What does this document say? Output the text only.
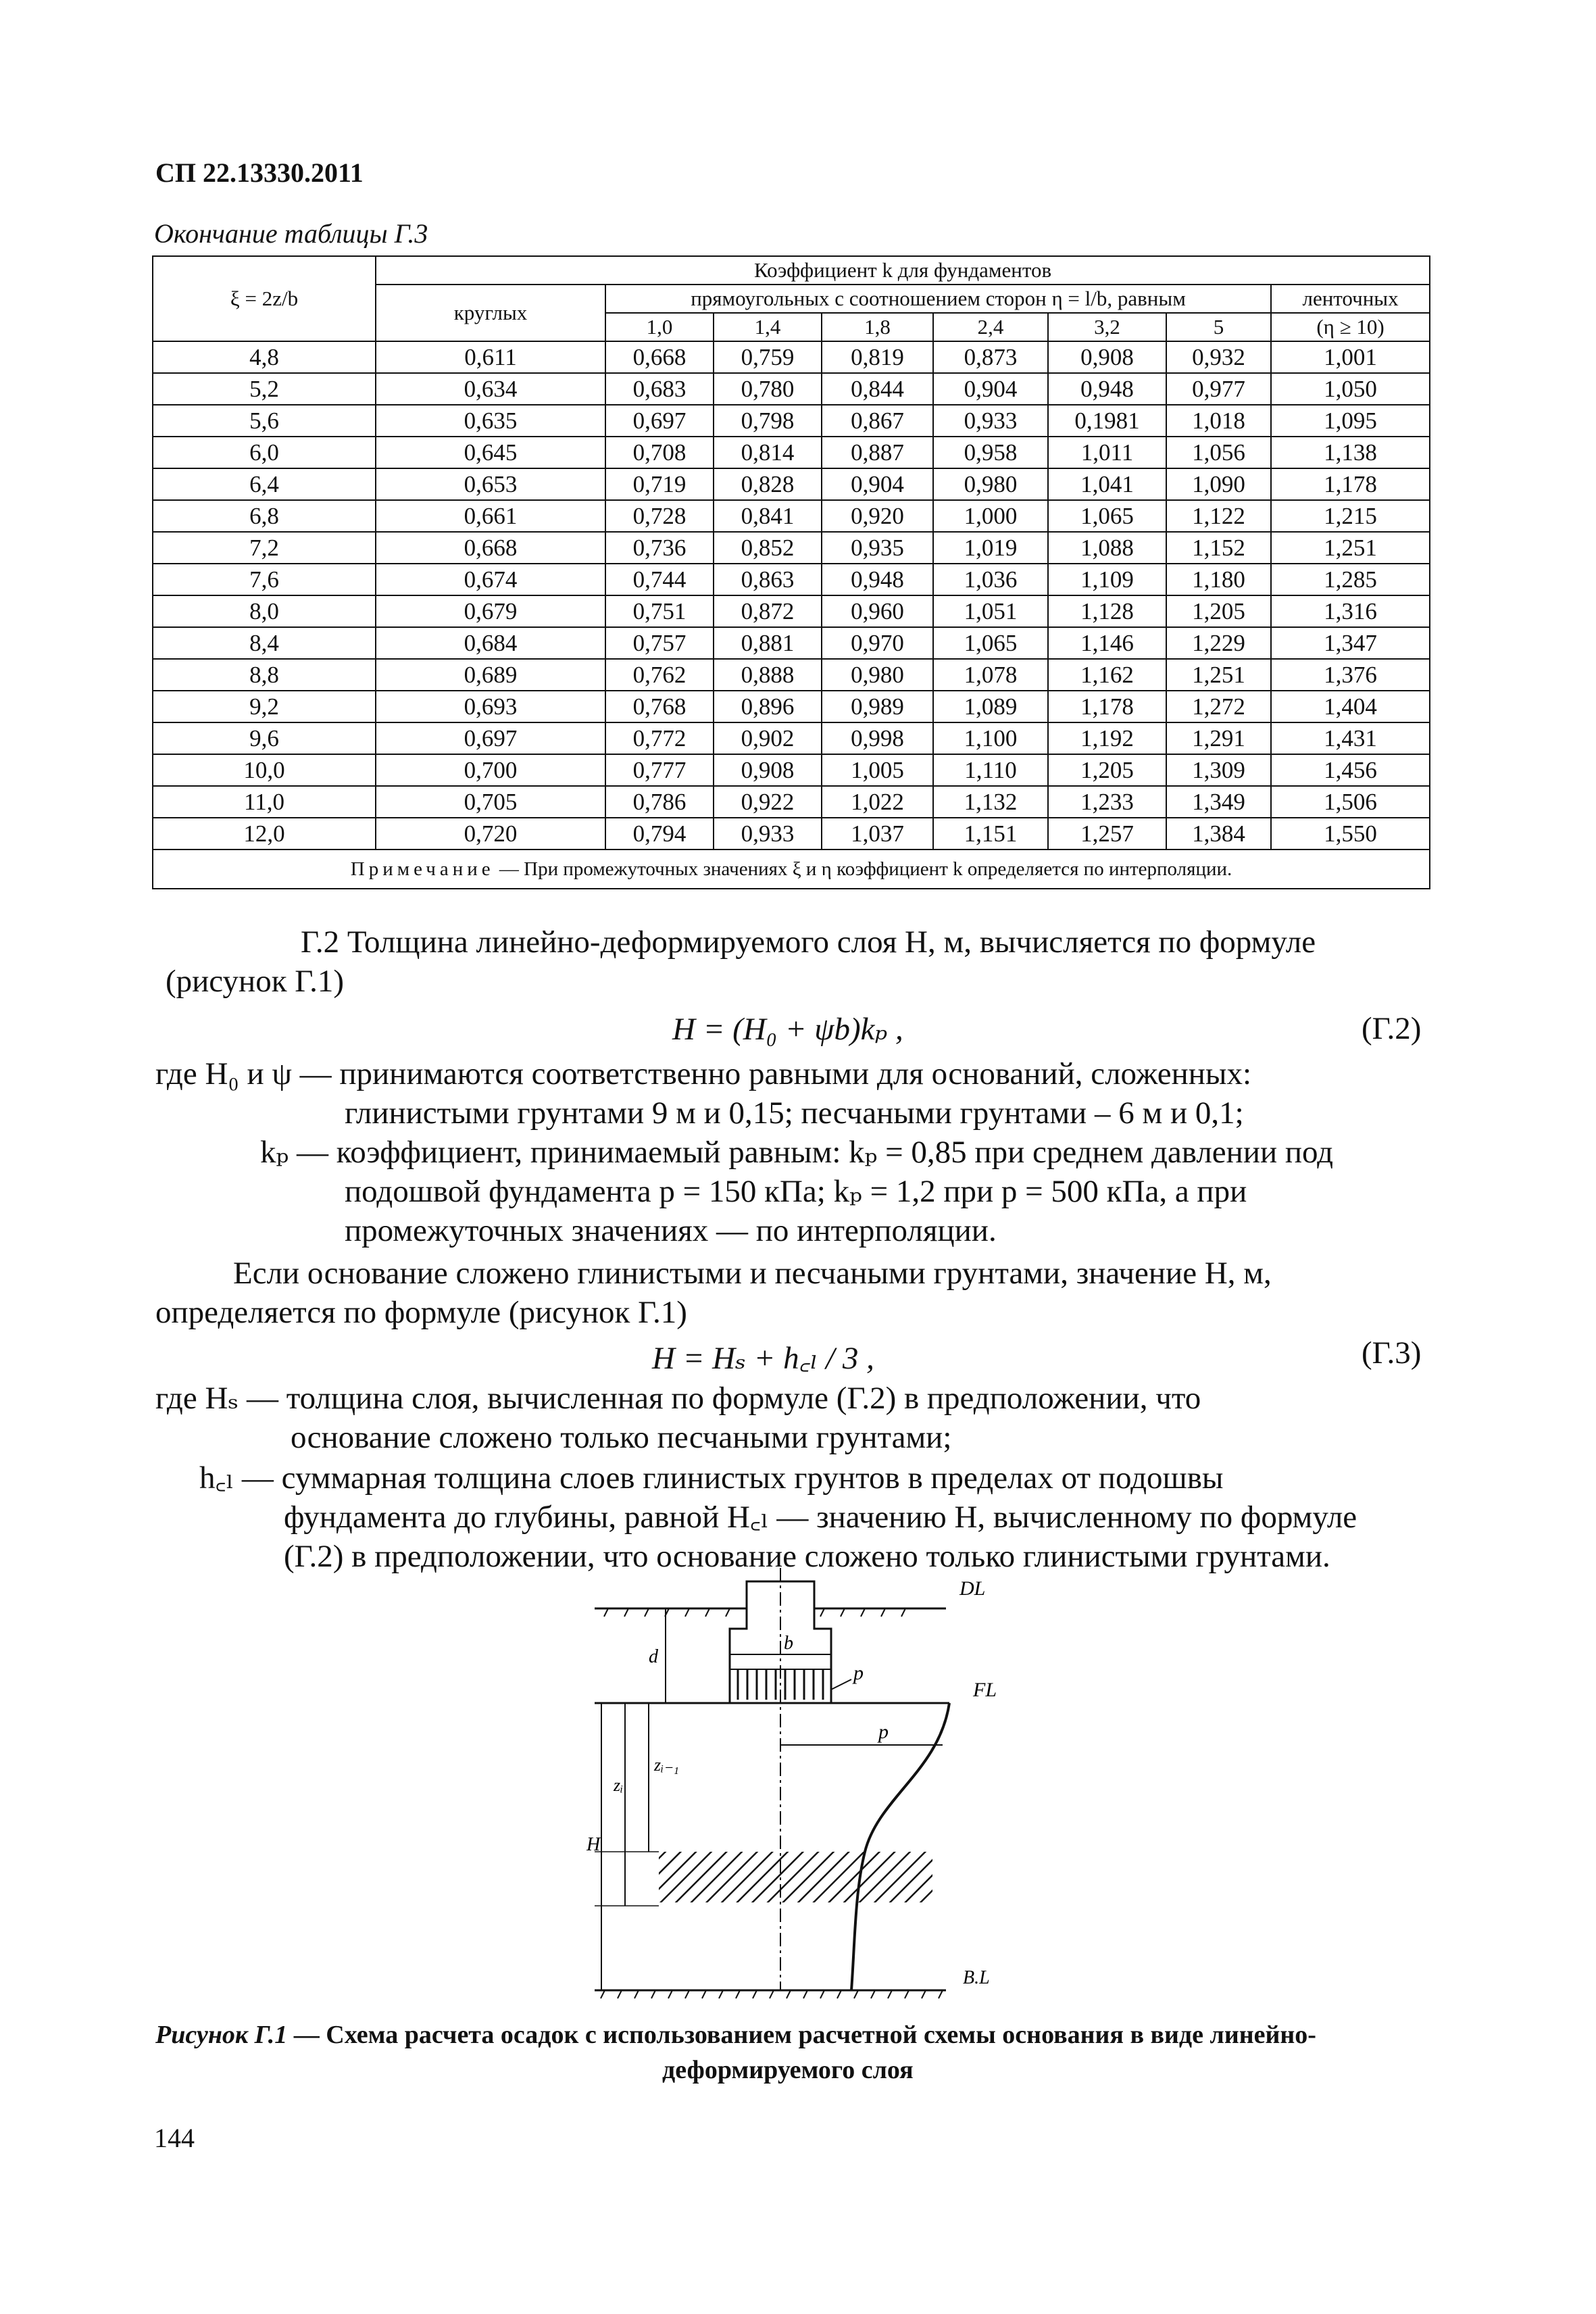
СП 22.13330.2011
Окончание таблицы Г.3
ξ = 2z/b	Коэффициент k для фундаментов							
	круглых	прямоугольных с соотношением сторон η = l/b, равным						ленточных
		1,0	1,4	1,8	2,4	3,2	5	(η ≥ 10)
4,8	0,611	0,668	0,759	0,819	0,873	0,908	0,932	1,001
5,2	0,634	0,683	0,780	0,844	0,904	0,948	0,977	1,050
5,6	0,635	0,697	0,798	0,867	0,933	0,1981	1,018	1,095
6,0	0,645	0,708	0,814	0,887	0,958	1,011	1,056	1,138
6,4	0,653	0,719	0,828	0,904	0,980	1,041	1,090	1,178
6,8	0,661	0,728	0,841	0,920	1,000	1,065	1,122	1,215
7,2	0,668	0,736	0,852	0,935	1,019	1,088	1,152	1,251
7,6	0,674	0,744	0,863	0,948	1,036	1,109	1,180	1,285
8,0	0,679	0,751	0,872	0,960	1,051	1,128	1,205	1,316
8,4	0,684	0,757	0,881	0,970	1,065	1,146	1,229	1,347
8,8	0,689	0,762	0,888	0,980	1,078	1,162	1,251	1,376
9,2	0,693	0,768	0,896	0,989	1,089	1,178	1,272	1,404
9,6	0,697	0,772	0,902	0,998	1,100	1,192	1,291	1,431
10,0	0,700	0,777	0,908	1,005	1,110	1,205	1,309	1,456
11,0	0,705	0,786	0,922	1,022	1,132	1,233	1,349	1,506
12,0	0,720	0,794	0,933	1,037	1,151	1,257	1,384	1,550
Примечание — При промежуточных значениях ξ и η коэффициент k определяется по интерполяции.								
Г.2 Толщина линейно-деформируемого слоя H, м, вычисляется по формуле
(рисунок Г.1)
H = (H₀ + ψb)kₚ ,	(Г.2)
где H₀ и ψ — принимаются соответственно равными для оснований, сложенных:
глинистыми грунтами 9 м и 0,15; песчаными грунтами – 6 м и 0,1;
kₚ — коэффициент, принимаемый равным: kₚ = 0,85 при среднем давлении под
подошвой фундамента p = 150 кПа; kₚ = 1,2 при p = 500 кПа, а при
промежуточных значениях — по интерполяции.
Если основание сложено глинистыми и песчаными грунтами, значение H, м,
определяется по формуле (рисунок Г.1)
H = Hₛ + h꜀ₗ / 3 ,	(Г.3)
где Hₛ — толщина слоя, вычисленная по формуле (Г.2) в предположении, что
основание сложено только песчаными грунтами;
h꜀ₗ — суммарная толщина слоев глинистых грунтов в пределах от подошвы
фундамента до глубины, равной H꜀ₗ — значению H, вычисленному по формуле
(Г.2) в предположении, что основание сложено только глинистыми грунтами.
DL
b
p
d
FL
p
zᵢ₋₁
zᵢ
H
B.L
Рисунок Г.1 — Схема расчета осадок с использованием расчетной схемы основания в виде линейно-
деформируемого слоя
144
